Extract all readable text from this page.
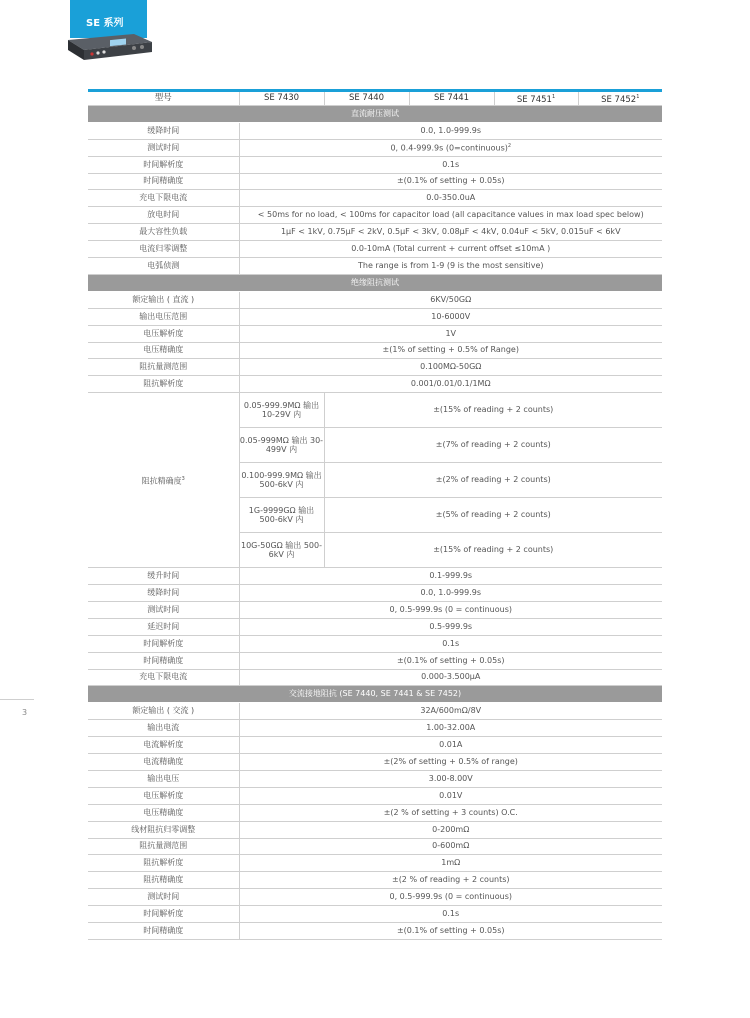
SE 系列
型号	SE 7430	SE 7440	SE 7441	SE 7451$^1$	SE 7452$^1$
直流耐压测试					
缓降时间	0.0, 1.0-999.9s				
测试时间	0, 0.4-999.9s (0=continuous)$^2$
时间解析度	0.1s				
时间精确度	±(0.1% of setting + 0.05s)				
充电下限电流	0.0-350.0uA				
放电时间	< 50ms for no load, < 100ms for capacitor load (all capacitance values in max load spec below)				
最大容性负载	1μF < 1kV, 0.75μF < 2kV, 0.5μF < 3kV, 0.08μF < 4kV, 0.04uF < 5kV, 0.015uF < 6kV				
电流归零调整	0.0-10mA (Total current + current offset ≤10mA )				
电弧侦测	The range is from 1-9 (9 is the most sensitive)				
绝缘阻抗测试					
额定输出 ( 直流 )	6KV/50GΩ				
输出电压范围	10-6000V				
电压解析度	1V				
电压精确度	±(1% of setting + 0.5% of Range)				
阻抗量测范围	0.100MΩ-50GΩ				
阻抗解析度	0.001/0.01/0.1/1MΩ				
阻抗精确度$^3$	0.05-999.9MΩ 输出 10-29V 内	±(15% of reading + 2 counts)			
	0.05-999MΩ 输出 30-499V 内	±(7% of reading + 2 counts)			
	0.100-999.9MΩ 输出 500-6kV 内	±(2% of reading + 2 counts)			
	1G-9999GΩ 输出 500-6kV 内	±(5% of reading + 2 counts)			
	10G-50GΩ 输出 500-6kV 内	±(15% of reading + 2 counts)			
缓升时间	0.1-999.9s				
缓降时间	0.0, 1.0-999.9s				
测试时间	0, 0.5-999.9s (0 = continuous)				
延迟时间	0.5-999.9s				
时间解析度	0.1s				
时间精确度	±(0.1% of setting + 0.05s)				
充电下限电流	0.000-3.500μA				
交流接地阻抗 (SE 7440, SE 7441 & SE 7452)					
额定输出 ( 交流 )	32A/600mΩ/8V				
输出电流	1.00-32.00A				
电流解析度	0.01A				
电流精确度	±(2% of setting + 0.5% of range)				
输出电压	3.00-8.00V				
电压解析度	0.01V				
电压精确度	±(2 % of setting + 3 counts) O.C.				
线材阻抗归零调整	0-200mΩ				
阻抗量测范围	0-600mΩ				
阻抗解析度	1mΩ				
阻抗精确度	±(2 % of reading + 2 counts)				
测试时间	0, 0.5-999.9s (0 = continuous)				
时间解析度	0.1s				
时间精确度	±(0.1% of setting + 0.05s)				
3
